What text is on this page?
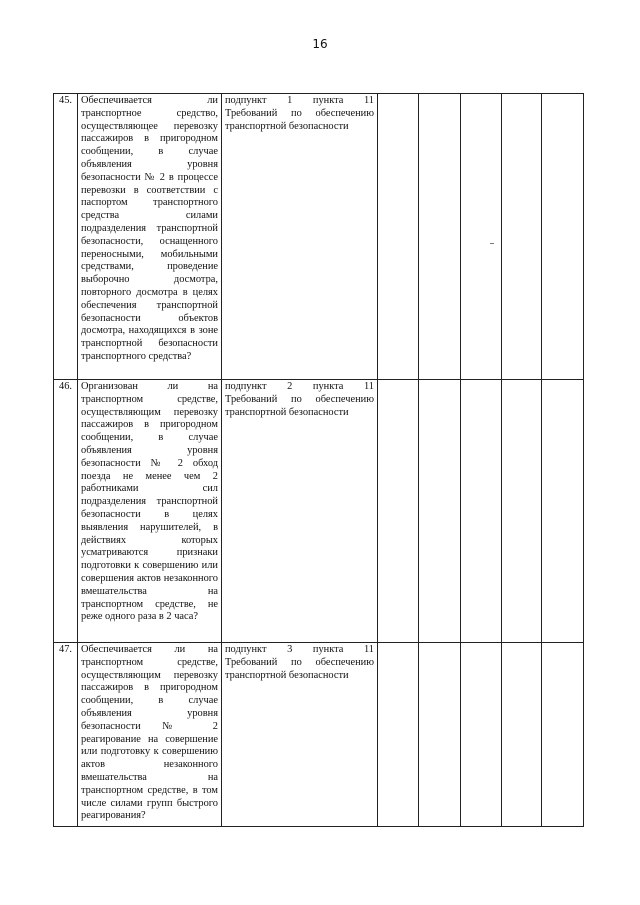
16
45.	Обеспечивается ли транспортное средство, осуществляющее перевозку пассажиров в пригородном сообщении, в случае объявления уровня безопасности № 2 в процессе перевозки в соответствии с паспортом транспортного средства силами подразделения транспортной безопасности, оснащенного переносными, мобильными средствами, проведение выборочно досмотра, повторного досмотра в целях обеспечения транспортной безопасности объектов досмотра, находящихся в зоне транспортной безопасности транспортного средства?	подпункт 1 пункта 11 Требований по обеспечению транспортной безопасности					
46.	Организован ли на транспортном средстве, осуществляющим перевозку пассажиров в пригородном сообщении, в случае объявления уровня безопасности № 2 обход поезда не менее чем 2 работниками сил подразделения транспортной безопасности в целях выявления нарушителей, в действиях которых усматриваются признаки подготовки к совершению или совершения актов незаконного вмешательства на транспортном средстве, не реже одного раза в 2 часа?	подпункт 2 пункта 11 Требований по обеспечению транспортной безопасности					
47.	Обеспечивается ли на транспортном средстве, осуществляющим перевозку пассажиров в пригородном сообщении, в случае объявления уровня безопасности № 2 реагирование на совершение или подготовку к совершению актов незаконного вмешательства на транспортном средстве, в том числе силами групп быстрого реагирования?	подпункт 3 пункта 11 Требований по обеспечению транспортной безопасности					
